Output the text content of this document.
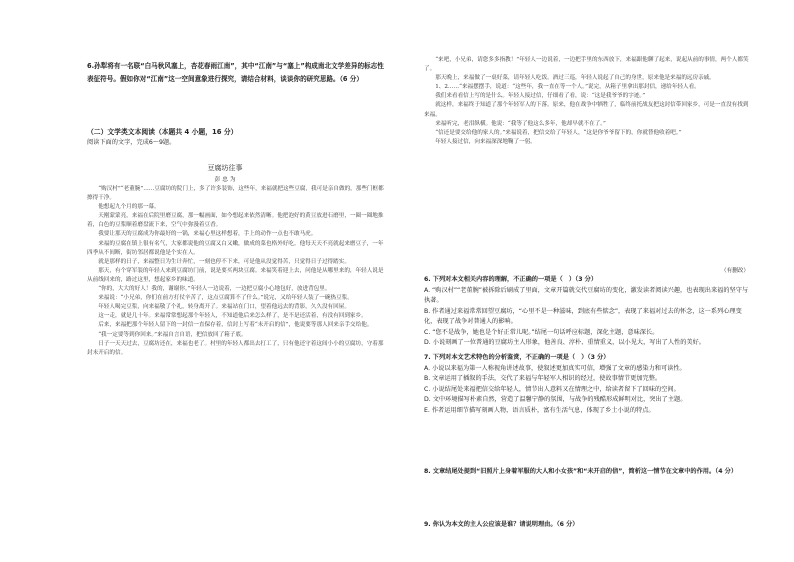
6.孙犁将有一名联“白马秋风塞上，杏花春雨江南”，其中“江南”与“塞上”构成南北文学差异的标志性表征符号。假如你对“江南”这一空间意象进行探究，请结合材料，谈谈你的研究思路。（6 分）
（二）文学类文本阅读（本题共 4 小题，16 分）
阅读下面的文字，完成6～9题。
豆腐坊往事
彭 忠 为

“购汉村”“老董腕”……豆腐坊的院门上，多了许多装饰，这些年，来福就把这些豆腐，我可是亲自做的，那些门框都擦得干净。

他想起九个月的那一幕。

天刚蒙蒙亮，来福在后院里磨豆腐，那一幅画面，如今想起来依然清晰。他把泡好的黄豆放进石磨里，一圈一圈地推着，白色的豆浆顺着磨盘流下来，空气中弥漫着豆香。

我要让那天的豆腐成为你最好的一锅，来福心里这样想着，手上的动作一点也不敢马虎。

来福的豆腐在镇上很有名气，大家都说他的豆腐又白又嫩，做成的菜也格外好吃。他每天天不亮就起来磨豆子，一年四季从不间断，街坊邻居都说他是个实在人。

就是那样的日子，来福整日为生计奔忙，一刻也停不下来，可是他从没觉得苦，只觉得日子过得踏实。

那天，有个穿军装的年轻人来到豆腐坊门前，说是要买两块豆腐。来福笑着迎上去，问他是从哪里来的，年轻人说是从前线回来的，路过这里，想起家乡的味道。

“你的，大大的好人！我的，谢谢你。”年轻人一边说着，一边把豆腐小心地包好，放进背包里。

来福说：“小兄弟，你们在前方打仗辛苦了，这点豆腐算不了什么。”说完，又给年轻人装了一碗热豆浆。

年轻人喝完豆浆，向来福敬了个礼，转身离开了。来福站在门口，望着他远去的背影，久久没有回屋。

这一走，就是几十年。来福常常想起那个年轻人，不知道他后来怎么样了，是不是还活着，有没有回到家乡。

后来，来福把那个年轻人留下的一封信一直保存着，信封上写着“未开启的信”，他说要等那人回来亲手交给他。

“我一定要等到你回来。”来福自言自语，把信放回了箱子底。

日子一天天过去，豆腐坊还在，来福也老了。村里的年轻人都出去打工了，只有他还守着这间小小的豆腐坊，守着那封未开启的信。

“来吧，小兄弟，请您多多指教！”年轻人一边说着，一边把手里的东西放下，来福跟他聊了起来，说起从前的事情，两个人都笑了。

那天晚上，来福做了一桌好菜，请年轻人吃饭。酒过三巡，年轻人说起了自己的身世，原来他是来福的远房亲戚。

1、2……“来福摆摆手，说道：“这些年，我一直在等一个人。”说完，从箱子里拿出那封信，递给年轻人看。

我们来看看信上写的是什么。年轻人接过信，仔细看了看，说：“这是我爷爷的字迹。”

就这样，来福终于知道了那个年轻军人的下落。原来，他在战争中牺牲了，临终前托战友把这封信带回家乡，可是一直没有找到来福。

来福听完，老泪纵横。他说：“我等了他这么多年，他却早就不在了。”

“信还是要交给他的家人的。”来福说着，把信交给了年轻人，“这是你爷爷留下的，你就替他收着吧。”

年轻人接过信，向来福深深地鞠了一躬。

（有删改）
6. 下列对本文相关内容的理解，不正确的一项是（　）（3 分）
A. “购汉村”“老董腕”被拆除后刷成了里面，文章开篇就交代豆腐坊的变化，激发读者阅读兴趣，也表现出来福的坚守与执著。
B. 作者通过来福常常回望豆腐坊，“心里不是一种滋味，到底有些惦念”，表现了来福对过去的怀念，这一系列心理变化，表现了战争对普通人的影响。
C. “您不是战争，她也是个好正常儿呢。”结尾一句话呼应标题，深化主题，意味深长。
D. 小说刻画了一位普通的豆腐坊主人形象，他善良、淳朴、重情重义，以小见大，写出了人性的美好。
7. 下列对本文艺术特色的分析鉴赏，不正确的一项是（　）（3 分）
A. 小说以来福为第一人称视角讲述故事，使叙述更加真实可信，增强了文章的感染力和可读性。
B. 文章运用了插叙的手法，交代了来福与年轻军人相识的经过，使故事情节更加完整。
C. 小说结尾处来福把信交给年轻人，情节出人意料又在情理之中，给读者留下了回味的空间。
D. 文中环境描写朴素自然，营造了温馨宁静的氛围，与战争的残酷形成鲜明对比，突出了主题。
E. 作者运用细节描写刻画人物，语言质朴，富有生活气息，体现了乡土小说的特点。
8. 文章结尾处提到“旧照片上身着军服的大人和小女孩”和“未开启的信”，简析这一情节在文章中的作用。（4 分）
9. 你认为本文的主人公应该是谁？请说明理由。（6 分）
